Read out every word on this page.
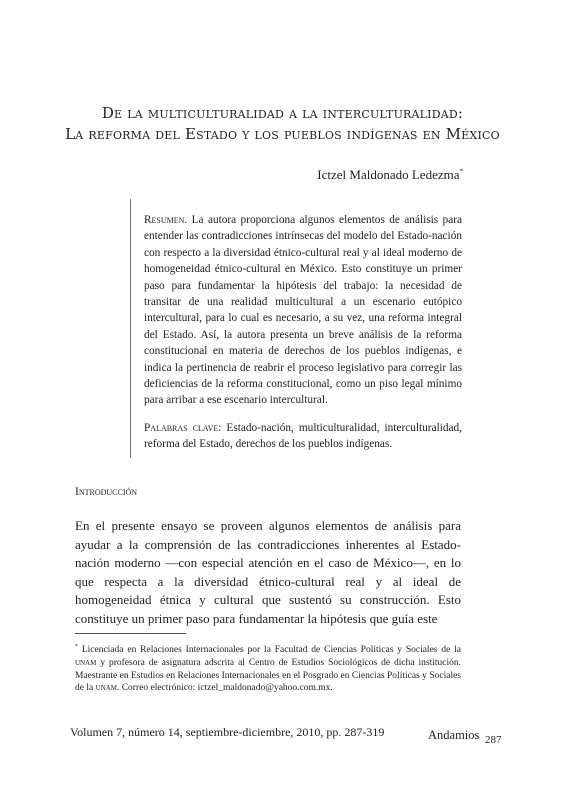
De la multiculturalidad a la interculturalidad:
La reforma del Estado y los pueblos indígenas en México
Ictzel Maldonado Ledezma*

Resumen. La autora proporciona algunos elementos de análisis para entender las contradicciones intrínsecas del modelo del Estado-nación con respecto a la diversidad étnico-cultural real y al ideal moderno de homogeneidad étnico-cultural en México. Esto constituye un primer paso para fundamentar la hipótesis del trabajo: la necesidad de transitar de una realidad multicultural a un escenario eutópico intercultural, para lo cual es necesario, a su vez, una reforma integral del Estado. Así, la autora presenta un breve análisis de la reforma constitucional en materia de derechos de los pueblos indígenas, e indica la pertinencia de reabrir el proceso legislativo para corregir las deficiencias de la reforma constitucional, como un piso legal mínimo para arribar a ese escenario intercultural.

Palabras clave: Estado-nación, multiculturalidad, interculturalidad, reforma del Estado, derechos de los pueblos indígenas.

Introducción

En el presente ensayo se proveen algunos elementos de análisis para ayudar a la comprensión de las contradicciones inherentes al Estado-nación moderno —con especial atención en el caso de México—, en lo que respecta a la diversidad étnico-cultural real y al ideal de homogeneidad étnica y cultural que sustentó su construcción. Esto constituye un primer paso para fundamentar la hipótesis que guía este

* Licenciada en Relaciones Internacionales por la Facultad de Ciencias Políticas y Sociales de la unam y profesora de asignatura adscrita al Centro de Estudios Sociológicos de dicha institución. Maestrante en Estudios en Relaciones Internacionales en el Posgrado en Ciencias Políticas y Sociales de la unam. Correo electrónico: ictzel_maldonado@yahoo.com.mx.

Volumen 7, número 14, septiembre-diciembre, 2010, pp. 287-319	Andamios 287
